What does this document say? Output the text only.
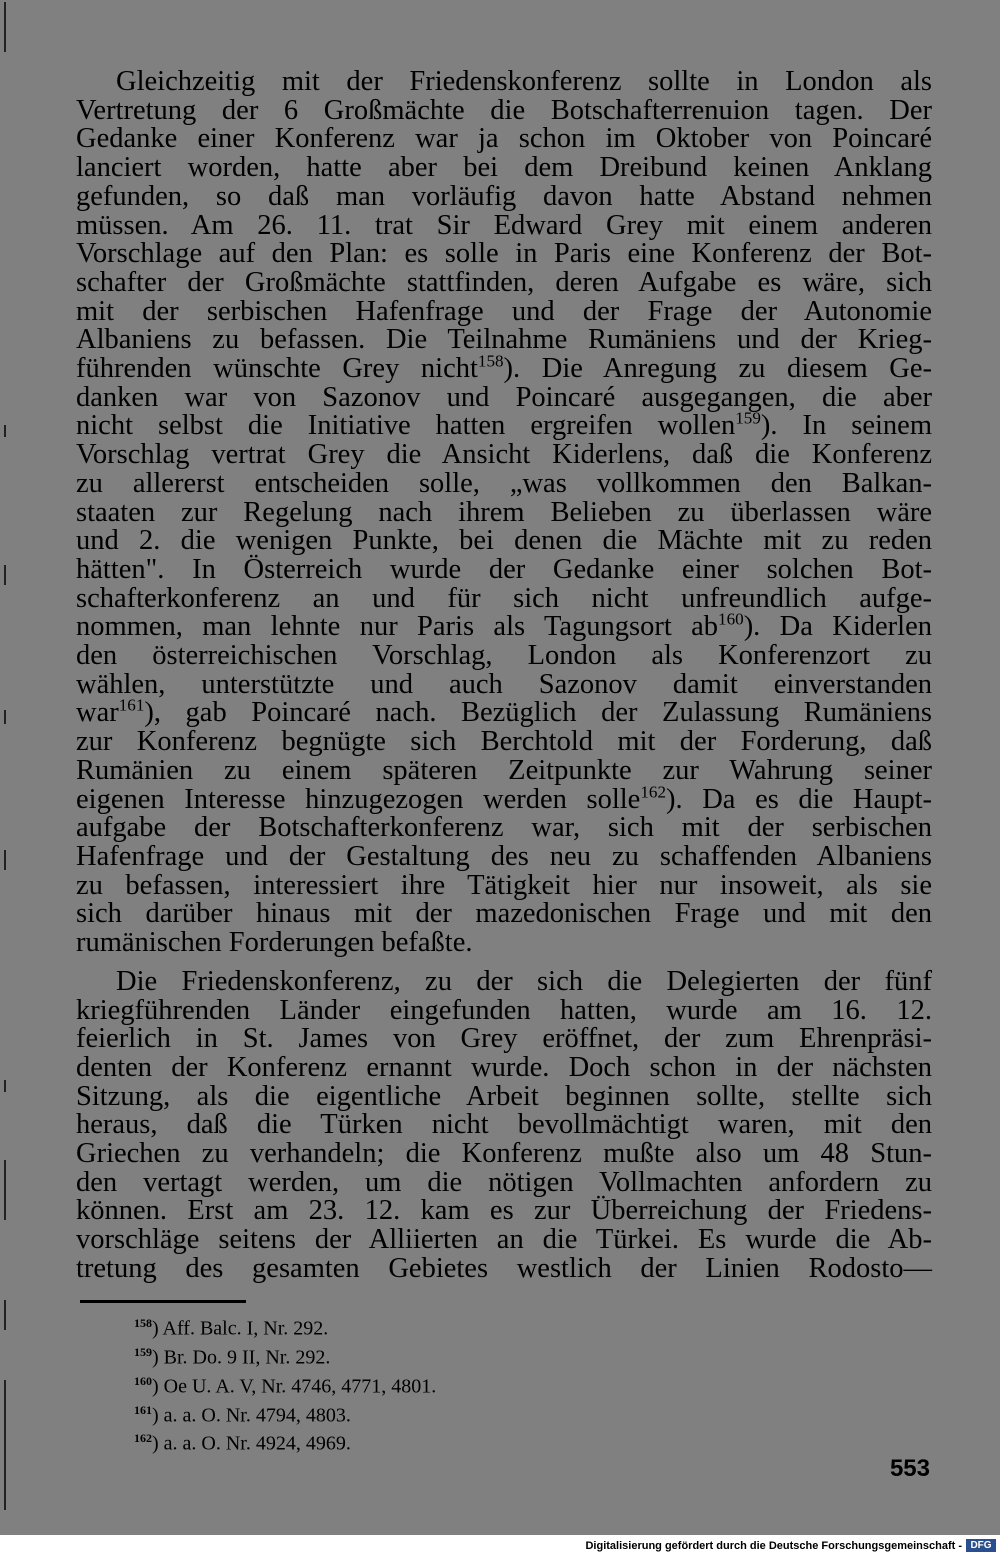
Gleichzeitig mit der Friedenskonferenz sollte in London als
Vertretung der 6 Großmächte die Botschafterrenuion tagen. Der
Gedanke einer Konferenz war ja schon im Oktober von Poincaré
lanciert worden, hatte aber bei dem Dreibund keinen Anklang
gefunden, so daß man vorläufig davon hatte Abstand nehmen
müssen. Am 26. 11. trat Sir Edward Grey mit einem anderen
Vorschlage auf den Plan: es solle in Paris eine Konferenz der Bot-
schafter der Großmächte stattfinden, deren Aufgabe es wäre, sich
mit der serbischen Hafenfrage und der Frage der Autonomie
Albaniens zu befassen. Die Teilnahme Rumäniens und der Krieg-
führenden wünschte Grey nicht$^{158}$). Die Anregung zu diesem Ge-
danken war von Sazonov und Poincaré ausgegangen, die aber
nicht selbst die Initiative hatten ergreifen wollen$^{159}$). In seinem
Vorschlag vertrat Grey die Ansicht Kiderlens, daß die Konferenz
zu allererst entscheiden solle, „was vollkommen den Balkan-
staaten zur Regelung nach ihrem Belieben zu überlassen wäre
und 2. die wenigen Punkte, bei denen die Mächte mit zu reden
hätten". In Österreich wurde der Gedanke einer solchen Bot-
schafterkonferenz an und für sich nicht unfreundlich aufge-
nommen, man lehnte nur Paris als Tagungsort $ab^{160}$). Da Kiderlen
den österreichischen Vorschlag, London als Konferenzort zu
wählen, unterstützte und auch Sazonov damit einverstanden
war$^{161}$), gab Poincaré nach. Bezüglich der Zulassung Rumäniens
zur Konferenz begnügte sich Berchtold mit der Forderung, daß
Rumänien zu einem späteren Zeitpunkte zur Wahrung seiner
eigenen Interesse hinzugezogen werden solle$^{162}$). Da es die Haupt-
aufgabe der Botschafterkonferenz war, sich mit der serbischen
Hafenfrage und der Gestaltung des neu zu schaffenden Albaniens
zu befassen, interessiert ihre Tätigkeit hier nur insoweit, als sie
sich darüber hinaus mit der mazedonischen Frage und mit den
rumänischen Forderungen befaßte.
Die Friedenskonferenz, zu der sich die Delegierten der fünf
kriegführenden Länder eingefunden hatten, wurde am 16. 12.
feierlich in St. James von Grey eröffnet, der zum Ehrenpräsi-
denten der Konferenz ernannt wurde. Doch schon in der nächsten
Sitzung, als die eigentliche Arbeit beginnen sollte, stellte sich
heraus, daß die Türken nicht bevollmächtigt waren, mit den
Griechen zu verhandeln; die Konferenz mußte also um 48 Stun-
den vertagt werden, um die nötigen Vollmachten anfordern zu
können. Erst am 23. 12. kam es zur Überreichung der Friedens-
vorschläge seitens der Alliierten an die Türkei. Es wurde die Ab-
tretung des gesamten Gebietes westlich der Linien Rodosto—
$^{158}$) Aff. Balc. I, Nr. 292.
$^{159}$) Br. Do. 9 II, Nr. 292.
$^{160}$) Oe U. A. V, Nr. 4746, 4771, 4801.
$^{161}$) a. a. O. Nr. 4794, 4803.
$^{162}$) a. a. O. Nr. 4924, 4969.
553
Digitalisierung gefördert durch die Deutsche Forschungsgemeinschaft - DFG
